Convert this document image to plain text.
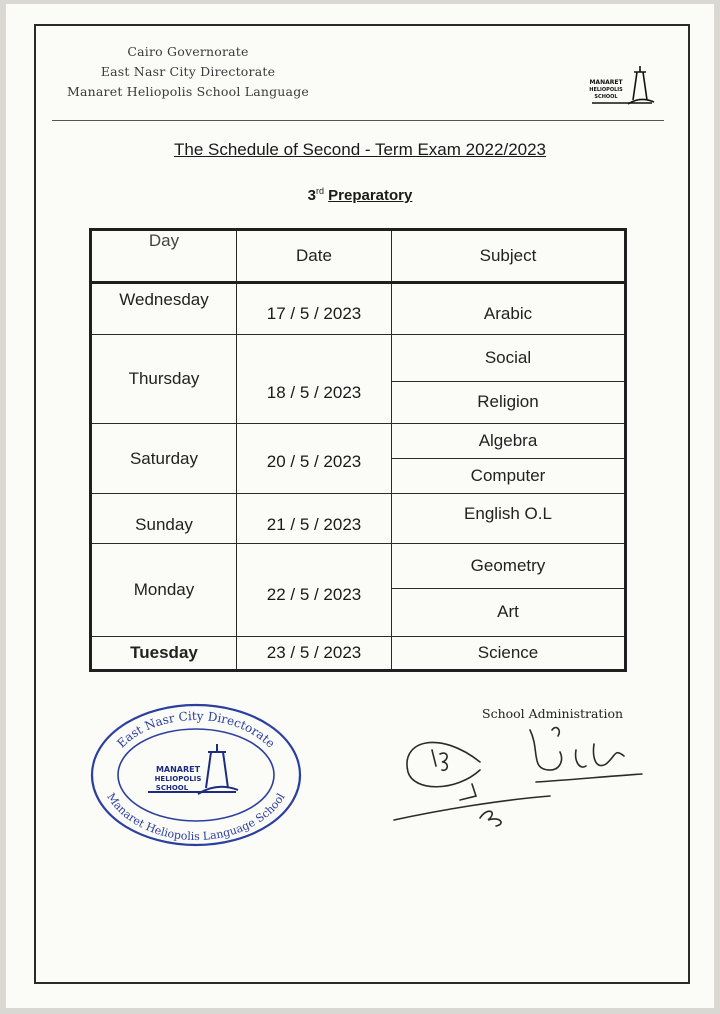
Cairo Governorate
East Nasr City Directorate
Manaret Heliopolis School Language
MANARET
HELIOPOLIS
SCHOOL
The Schedule of Second - Term Exam 2022/2023
3rd Preparatory
Day	Date	Subject
Wednesday	17 / 5 / 2023	Arabic
Thursday	18 / 5 / 2023	Social
		Religion
Saturday	20 / 5 / 2023	Algebra
		Computer
Sunday	21 / 5 / 2023	English O.L
Monday	22 / 5 / 2023	Geometry
		Art
Tuesday	23 / 5 / 2023	Science
East Nasr City Directorate
Manaret Heliopolis Language School
MANARET
HELIOPOLIS
SCHOOL
School Administration
